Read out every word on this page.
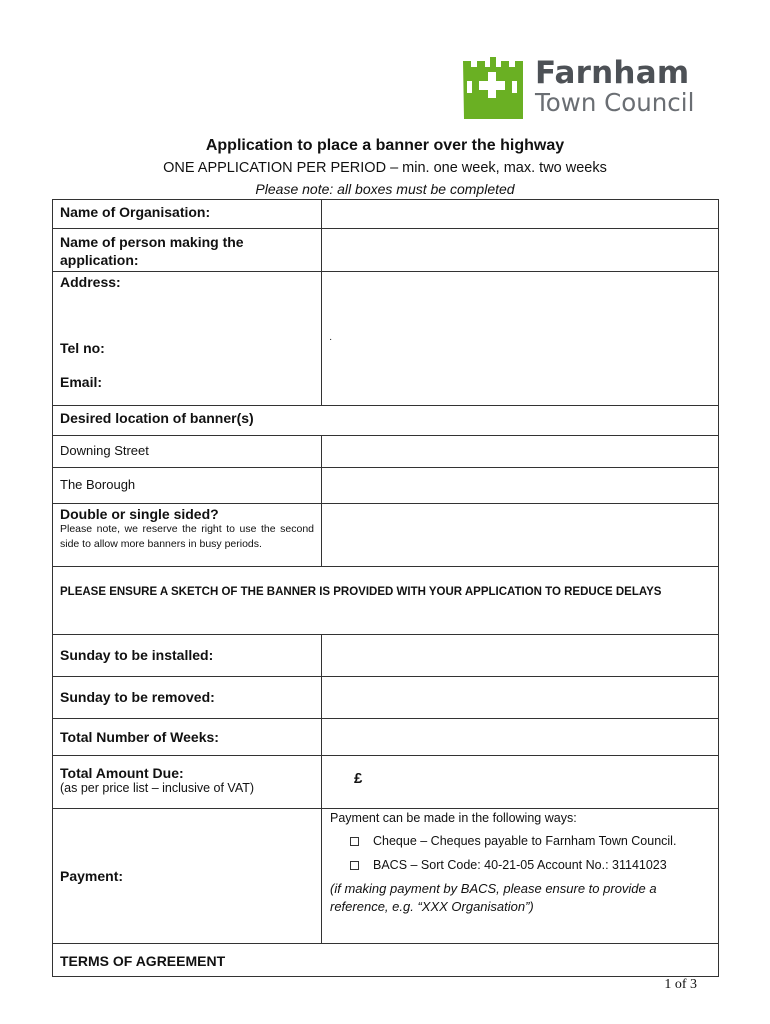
Farnham
Town Council
Application to place a banner over the highway
ONE APPLICATION PER PERIOD – min. one week, max. two weeks
Please note: all boxes must be completed
Name of Organisation:
Name of person making the application:
Address:
Tel no:
Email:
·
Desired location of banner(s)
Downing Street
The Borough
Double or single sided?
Please note, we reserve the right to use the second side to allow more banners in busy periods.
PLEASE ENSURE A SKETCH OF THE BANNER IS PROVIDED WITH YOUR APPLICATION TO REDUCE DELAYS
Sunday to be installed:
Sunday to be removed:
Total Number of Weeks:
Total Amount Due:
(as per price list – inclusive of VAT)
£
Payment:
Payment can be made in the following ways:
Cheque – Cheques payable to Farnham Town Council.
BACS – Sort Code: 40-21-05 Account No.: 31141023
(if making payment by BACS, please ensure to provide a reference, e.g. “XXX Organisation”)
TERMS OF AGREEMENT
1 of 3
